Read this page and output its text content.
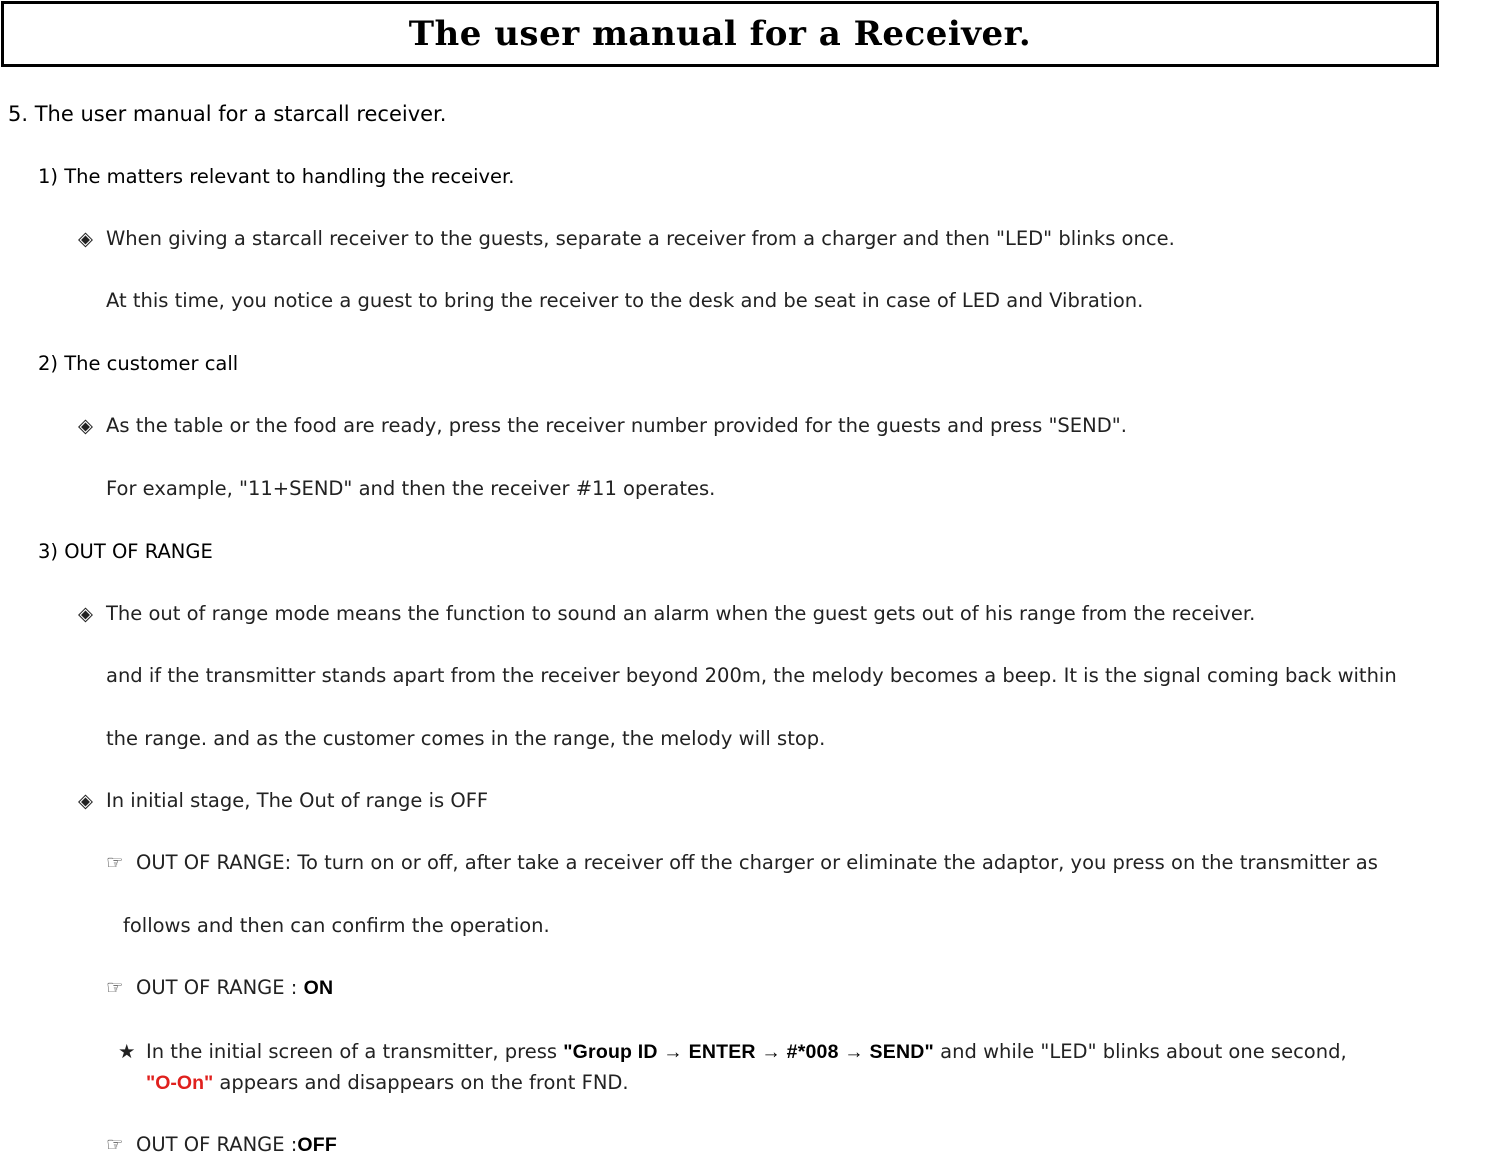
The user manual for a Receiver.
5. The user manual for a starcall receiver.
1) The matters relevant to handling the receiver.
◈ When giving a starcall receiver to the guests, separate a receiver from a charger and then "LED" blinks once.
At this time, you notice a guest to bring the receiver to the desk and be seat in case of LED and Vibration.
2) The customer call
◈ As the table or the food are ready, press the receiver number provided for the guests and press "SEND".
For example, "11+SEND" and then the receiver #11 operates.
3) OUT OF RANGE
◈ The out of range mode means the function to sound an alarm when the guest gets out of his range from the receiver.
and if the transmitter stands apart from the receiver beyond 200m, the melody becomes a beep. It is the signal coming back within
the range. and as the customer comes in the range, the melody will stop.
◈ In initial stage, The Out of range is OFF
☞ OUT OF RANGE: To turn on or off, after take a receiver off the charger or eliminate the adaptor, you press on the transmitter as
follows and then can confirm the operation.
☞ OUT OF RANGE : ON
★ In the initial screen of a transmitter, press "Group ID → ENTER → #*008 → SEND" and while "LED" blinks about one second,
"O-On" appears and disappears on the front FND.
☞ OUT OF RANGE :OFF
